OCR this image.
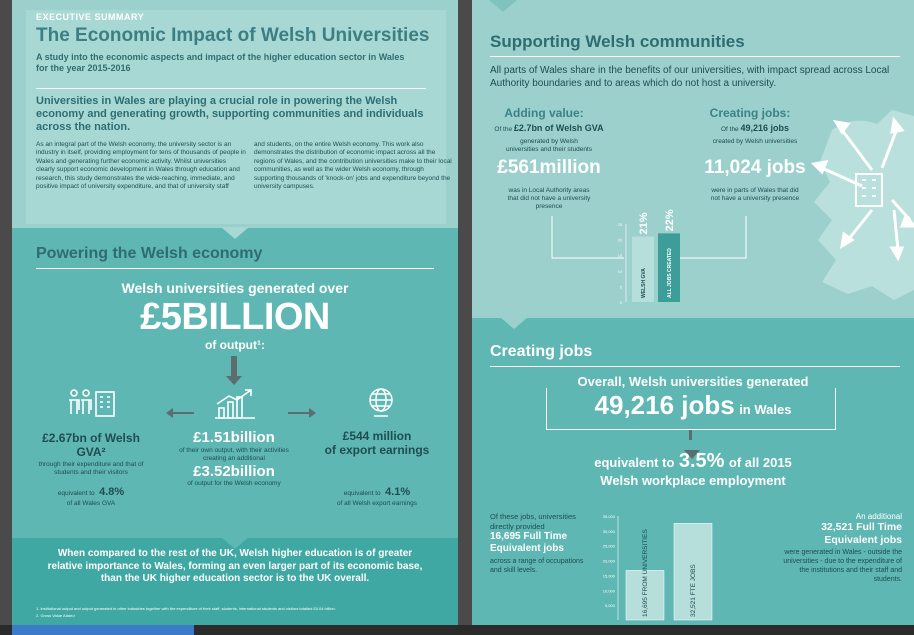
EXECUTIVE SUMMARY
The Economic Impact of Welsh Universities
A study into the economic aspects and impact of the higher education sector in Wales for the year 2015-2016
Universities in Wales are playing a crucial role in powering the Welsh economy and generating growth, supporting communities and individuals across the nation.
As an integral part of the Welsh economy, the university sector is an industry in itself, providing employment for tens of thousands of people in Wales and generating further economic activity. Whilst universities clearly support economic development in Wales through education and research, this study demonstrates the wide-reaching, immediate, and positive impact of university expenditure, and that of university staff
and students, on the entire Welsh economy. This work also demonstrates the distribution of economic impact across all the regions of Wales, and the contribution universities make to their local communities, as well as the wider Welsh economy, through supporting thousands of 'knock-on' jobs and expenditure beyond the university campuses.
Powering the Welsh economy
Welsh universities generated over
£5BILLION
of output¹:
£2.67bn of Welsh GVA²
through their expenditure and that of students and their visitors
equivalent to 4.8%
of all Wales GVA
£1.51billion
of their own output, with their activities creating an additional
£3.52billion
of output for the Welsh economy
£544 million
of export earnings
equivalent to 4.1%
of all Welsh export earnings

When compared to the rest of the UK, Welsh higher education is of greater relative importance to Wales, forming an even larger part of its economic base, than the UK higher education sector is to the UK overall.

1. Institutional output and output generated in other industries together with the expenditure of their staff, students, international students and visitors totalled £5.04 billion.

2. Gross Value Added

Supporting Welsh communities
All parts of Wales share in the benefits of our universities, with impact spread across Local Authority boundaries and to areas which do not host a university.
Adding value:
Of the £2.7bn of Welsh GVA
generated by Welsh universities and their students
£561million
was in Local Authority areas that did not have a university presence
Creating jobs:
Of the 49,216 jobs
created by Welsh universities
11,024 jobs
were in parts of Wales that did not have a university presence
0
5
10
15
20
25
WELSH GVA
21%
ALL JOBS CREATED
22%
Creating jobs
Overall, Welsh universities generated
49,216 jobs in Wales
equivalent to 3.5% of all 2015
Welsh workplace employment
Of these jobs, universities directly provided
16,695 Full Time Equivalent jobs
across a range of occupations and skill levels.
5,000
10,000
15,000
20,000
25,000
30,000
35,000
16,695 FROM UNIVERSITIES	32,521 FTE JOBS
An additional
32,521 Full Time Equivalent jobs
were generated in Wales - outside the universities - due to the expenditure of the institutions and their staff and students.
